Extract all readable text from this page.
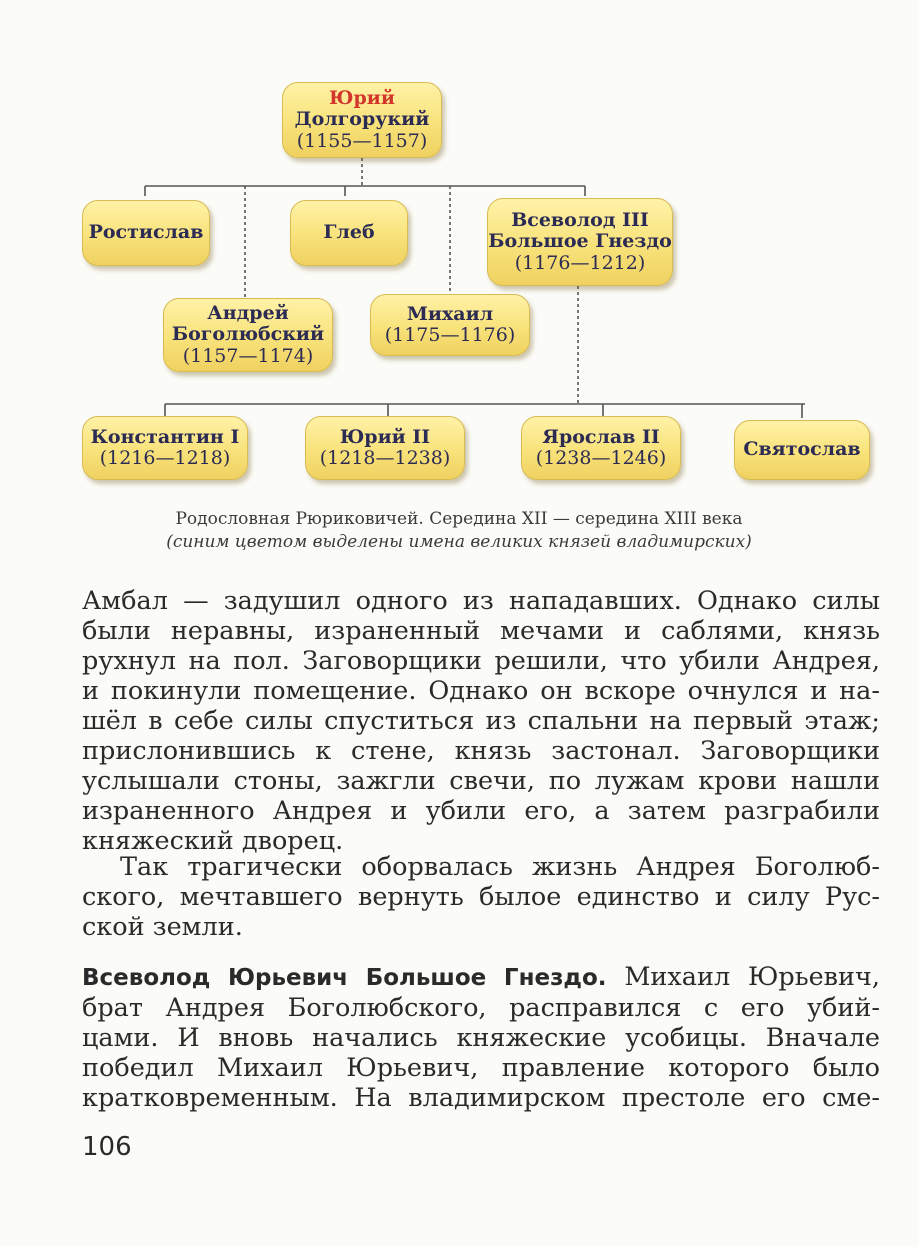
Юрий
Долгорукий
(1155—1157)
Ростислав	Глеб
Всеволод III
Большое Гнездо
(1176—1212)
Андрей
Боголюбский
(1157—1174)
Михаил
(1175—1176)
Константин I
(1216—1218)
Юрий II
(1218—1238)
Ярослав II
(1238—1246)	Святослав
Родословная Рюриковичей. Середина XII — середина XIII века
(синим цветом выделены имена великих князей владимирских)
Амбал — задушил одного из нападавших. Однако силы
были неравны, израненный мечами и саблями, князь
рухнул на пол. Заговорщики решили, что убили Андрея,
и покинули помещение. Однако он вскоре очнулся и на-
шёл в себе силы спуститься из спальни на первый этаж;
прислонившись к стене, князь застонал. Заговорщики
услышали стоны, зажгли свечи, по лужам крови нашли
израненного Андрея и убили его, а затем разграбили
княжеский дворец.
Так трагически оборвалась жизнь Андрея Боголюб-
ского, мечтавшего вернуть былое единство и силу Рус-
ской земли.
Всеволод Юрьевич Большое Гнездо. Михаил Юрьевич,
брат Андрея Боголюбского, расправился с его убий-
цами. И вновь начались княжеские усобицы. Вначале
победил Михаил Юрьевич, правление которого было
кратковременным. На владимирском престоле его сме-
106
